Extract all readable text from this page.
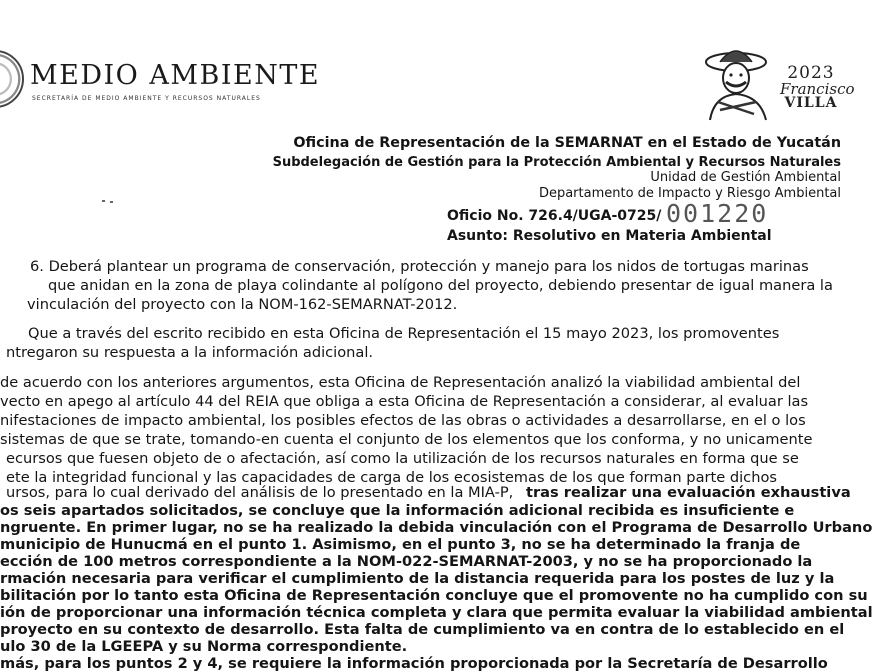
MEDIO AMBIENTE
SECRETARÍA DE MEDIO AMBIENTE Y RECURSOS NATURALES
2023
Francisco
VILLA
Oficina de Representación de la SEMARNAT en el Estado de Yucatán
Subdelegación de Gestión para la Protección Ambiental y Recursos Naturales
Unidad de Gestión Ambiental
Departamento de Impacto y Riesgo Ambiental
Oficio No. 726.4/UGA-0725/ 001220
Asunto: Resolutivo en Materia Ambiental
6. Deberá plantear un programa de conservación, protección y manejo para los nidos de tortugas marinas
que anidan en la zona de playa colindante al polígono del proyecto, debiendo presentar de igual manera la
vinculación del proyecto con la NOM-162-SEMARNAT-2012.
Que a través del escrito recibido en esta Oficina de Representación el 15 mayo 2023, los promoventes
ntregaron su respuesta a la información adicional.
de acuerdo con los anteriores argumentos, esta Oficina de Representación analizó la viabilidad ambiental del
vecto en apego al artículo 44 del REIA que obliga a esta Oficina de Representación a considerar, al evaluar las
nifestaciones de impacto ambiental, los posibles efectos de las obras o actividades a desarrollarse, en el o los
sistemas de que se trate, tomando-en cuenta el conjunto de los elementos que los conforma, y no unicamente
ecursos que fuesen objeto de o afectación, así como la utilización de los recursos naturales en forma que se
ete la integridad funcional y las capacidades de carga de los ecosistemas de los que forman parte dichos
ursos, para lo cual derivado del análisis de lo presentado en la MIA-P, tras realizar una evaluación exhaustiva
os seis apartados solicitados, se concluye que la información adicional recibida es insuficiente e
ngruente. En primer lugar, no se ha realizado la debida vinculación con el Programa de Desarrollo Urbano
municipio de Hunucmá en el punto 1. Asimismo, en el punto 3, no se ha determinado la franja de
ección de 100 metros correspondiente a la NOM-022-SEMARNAT-2003, y no se ha proporcionado la
rmación necesaria para verificar el cumplimiento de la distancia requerida para los postes de luz y la
bilitación por lo tanto esta Oficina de Representación concluye que el promovente no ha cumplido con su
ión de proporcionar una información técnica completa y clara que permita evaluar la viabilidad ambiental
proyecto en su contexto de desarrollo. Esta falta de cumplimiento va en contra de lo establecido en el
ulo 30 de la LGEEPA y su Norma correspondiente.
más, para los puntos 2 y 4, se requiere la información proporcionada por la Secretaría de Desarrollo
